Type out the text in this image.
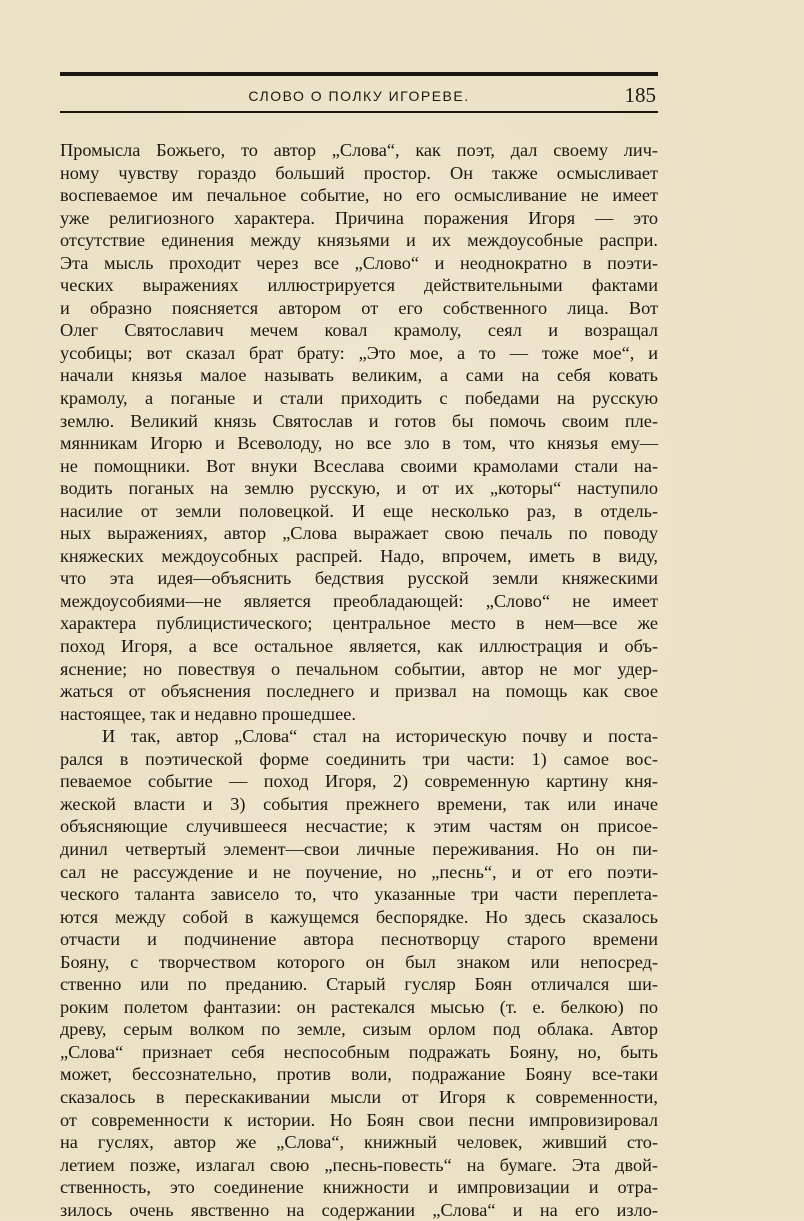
СЛОВО О ПОЛКУ ИГОРЕВЕ.	185
Промысла Божьего, то автор „Слова“, как поэт, дал своему лич-
ному чувству гораздо больший простор. Он также осмысливает
воспеваемое им печальное событие, но его осмысливание не имеет
уже религиозного характера. Причина поражения Игоря — это
отсутствие единения между князьями и их междоусобные распри.
Эта мысль проходит через все „Слово“ и неоднократно в поэти-
ческих выражениях иллюстрируется действительными фактами
и образно поясняется автором от его собственного лица. Вот
Олег Святославич мечем ковал крамолу, сеял и возращал
усобицы; вот сказал брат брату: „Это мое, а то — тоже мое“, и
начали князья малое называть великим, а сами на себя ковать
крамолу, а поганые и стали приходить с победами на русскую
землю. Великий князь Святослав и готов бы помочь своим пле-
мянникам Игорю и Всеволоду, но все зло в том, что князья ему—
не помощники. Вот внуки Всеслава своими крамолами стали на-
водить поганых на землю русскую, и от их „которы“ наступило
насилие от земли половецкой. И еще несколько раз, в отдель-
ных выражениях, автор „Слова выражает свою печаль по поводу
княжеских междоусобных распрей. Надо, впрочем, иметь в виду,
что эта идея—объяснить бедствия русской земли княжескими
междоусобиями—не является преобладающей: „Слово“ не имеет
характера публицистического; центральное место в нем—все же
поход Игоря, а все остальное является, как иллюстрация и объ-
яснение; но повествуя о печальном событии, автор не мог удер-
жаться от объяснения последнего и призвал на помощь как свое
настоящее, так и недавно прошедшее.
И так, автор „Слова“ стал на историческую почву и поста-
рался в поэтической форме соединить три части: 1) самое вос-
певаемое событие — поход Игоря, 2) современную картину кня-
жеской власти и 3) события прежнего времени, так или иначе
объясняющие случившееся несчастие; к этим частям он присое-
динил четвертый элемент—свои личные переживания. Но он пи-
сал не рассуждение и не поучение, но „песнь“, и от его поэти-
ческого таланта зависело то, что указанные три части переплета-
ются между собой в кажущемся беспорядке. Но здесь сказалось
отчасти и подчинение автора песнотворцу старого времени
Бояну, с творчеством которого он был знаком или непосред-
ственно или по преданию. Старый гусляр Боян отличался ши-
роким полетом фантазии: он растекался мысью (т. е. белкою) по
древу, серым волком по земле, сизым орлом под облака. Автор
„Слова“ признает себя неспособным подражать Бояну, но, быть
может, бессознательно, против воли, подражание Бояну все-таки
сказалось в перескакивании мысли от Игоря к современности,
от современности к истории. Но Боян свои песни импровизировал
на гуслях, автор же „Слова“, книжный человек, живший сто-
летием позже, излагал свою „песнь-повесть“ на бумаге. Эта двой-
ственность, это соединение книжности и импровизации и отра-
зилось очень явственно на содержании „Слова“ и на его изло-
